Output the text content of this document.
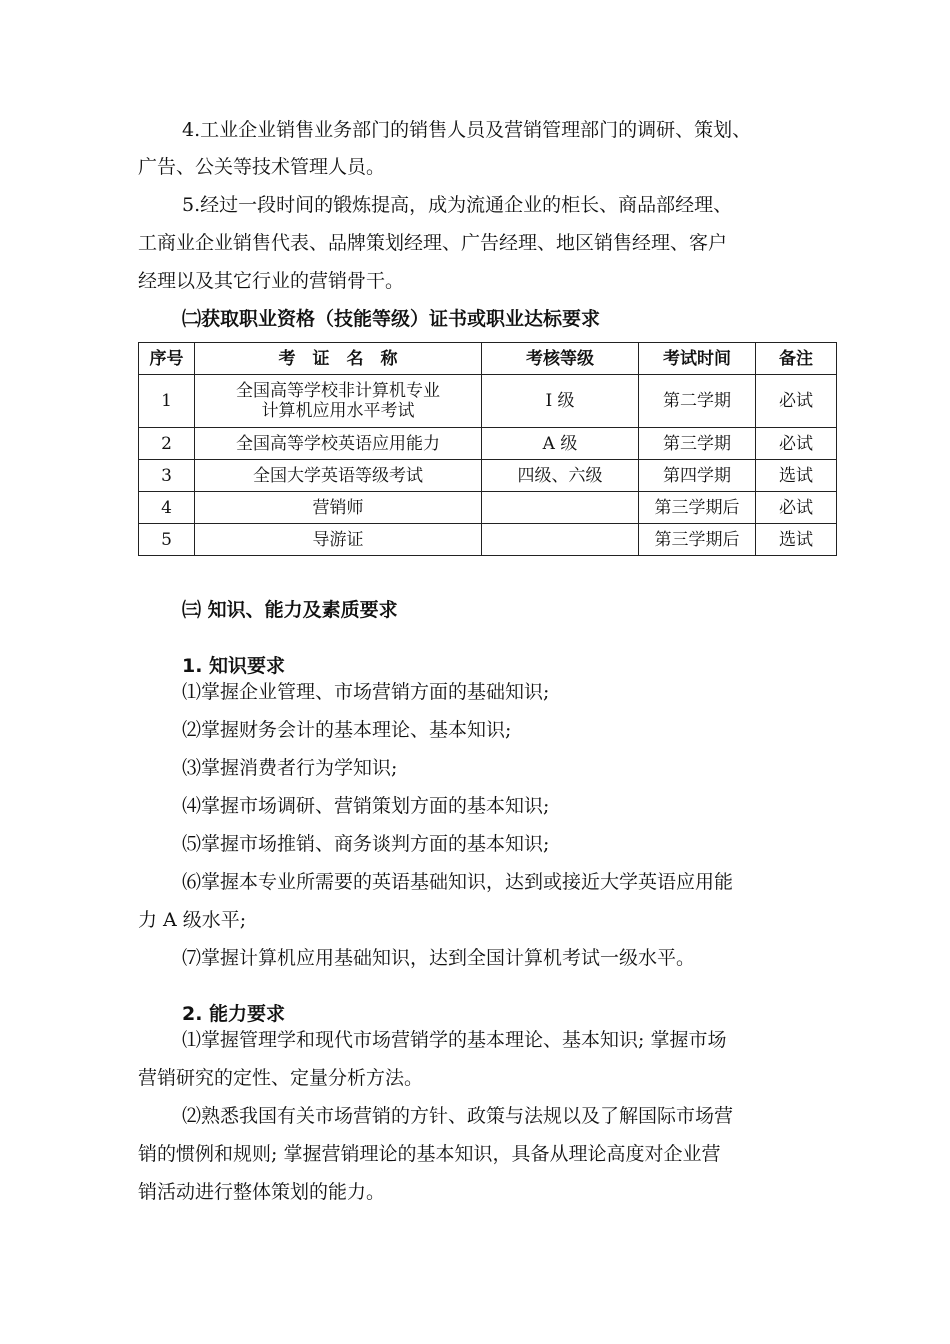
4.工业企业销售业务部门的销售人员及营销管理部门的调研、策划、
广告、公关等技术管理人员。
5.经过一段时间的锻炼提高，成为流通企业的柜长、商品部经理、
工商业企业销售代表、品牌策划经理、广告经理、地区销售经理、客户
经理以及其它行业的营销骨干。
㈡获取职业资格（技能等级）证书或职业达标要求
序号	考　证　名　称	考核等级	考试时间	备注
1	全国高等学校非计算机专业
计算机应用水平考试	Ⅰ 级	第二学期	必试
2	全国高等学校英语应用能力	A 级	第三学期	必试
3	全国大学英语等级考试	四级、六级	第四学期	选试
4	营销师		第三学期后	必试
5	导游证		第三学期后	选试
㈢ 知识、能力及素质要求
1. 知识要求
⑴掌握企业管理、市场营销方面的基础知识;
⑵掌握财务会计的基本理论、基本知识;
⑶掌握消费者行为学知识;
⑷掌握市场调研、营销策划方面的基本知识;
⑸掌握市场推销、商务谈判方面的基本知识;
⑹掌握本专业所需要的英语基础知识，达到或接近大学英语应用能
力 A 级水平;
⑺掌握计算机应用基础知识，达到全国计算机考试一级水平。
2. 能力要求
⑴掌握管理学和现代市场营销学的基本理论、基本知识; 掌握市场
营销研究的定性、定量分析方法。
⑵熟悉我国有关市场营销的方针、政策与法规以及了解国际市场营
销的惯例和规则; 掌握营销理论的基本知识，具备从理论高度对企业营
销活动进行整体策划的能力。
